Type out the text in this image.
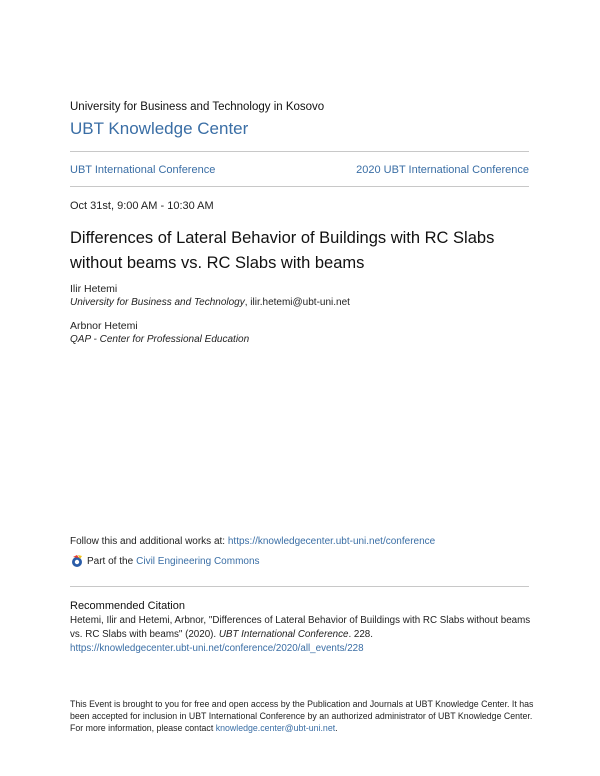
University for Business and Technology in Kosovo
UBT Knowledge Center
UBT International Conference	2020 UBT International Conference
Oct 31st, 9:00 AM - 10:30 AM
Differences of Lateral Behavior of Buildings with RC Slabs without beams vs. RC Slabs with beams
Ilir Hetemi
University for Business and Technology, ilir.hetemi@ubt-uni.net
Arbnor Hetemi
QAP - Center for Professional Education
Follow this and additional works at: https://knowledgecenter.ubt-uni.net/conference
Part of the Civil Engineering Commons
Recommended Citation
Hetemi, Ilir and Hetemi, Arbnor, "Differences of Lateral Behavior of Buildings with RC Slabs without beams vs. RC Slabs with beams" (2020). UBT International Conference. 228.
https://knowledgecenter.ubt-uni.net/conference/2020/all_events/228
This Event is brought to you for free and open access by the Publication and Journals at UBT Knowledge Center. It has been accepted for inclusion in UBT International Conference by an authorized administrator of UBT Knowledge Center. For more information, please contact knowledge.center@ubt-uni.net.
